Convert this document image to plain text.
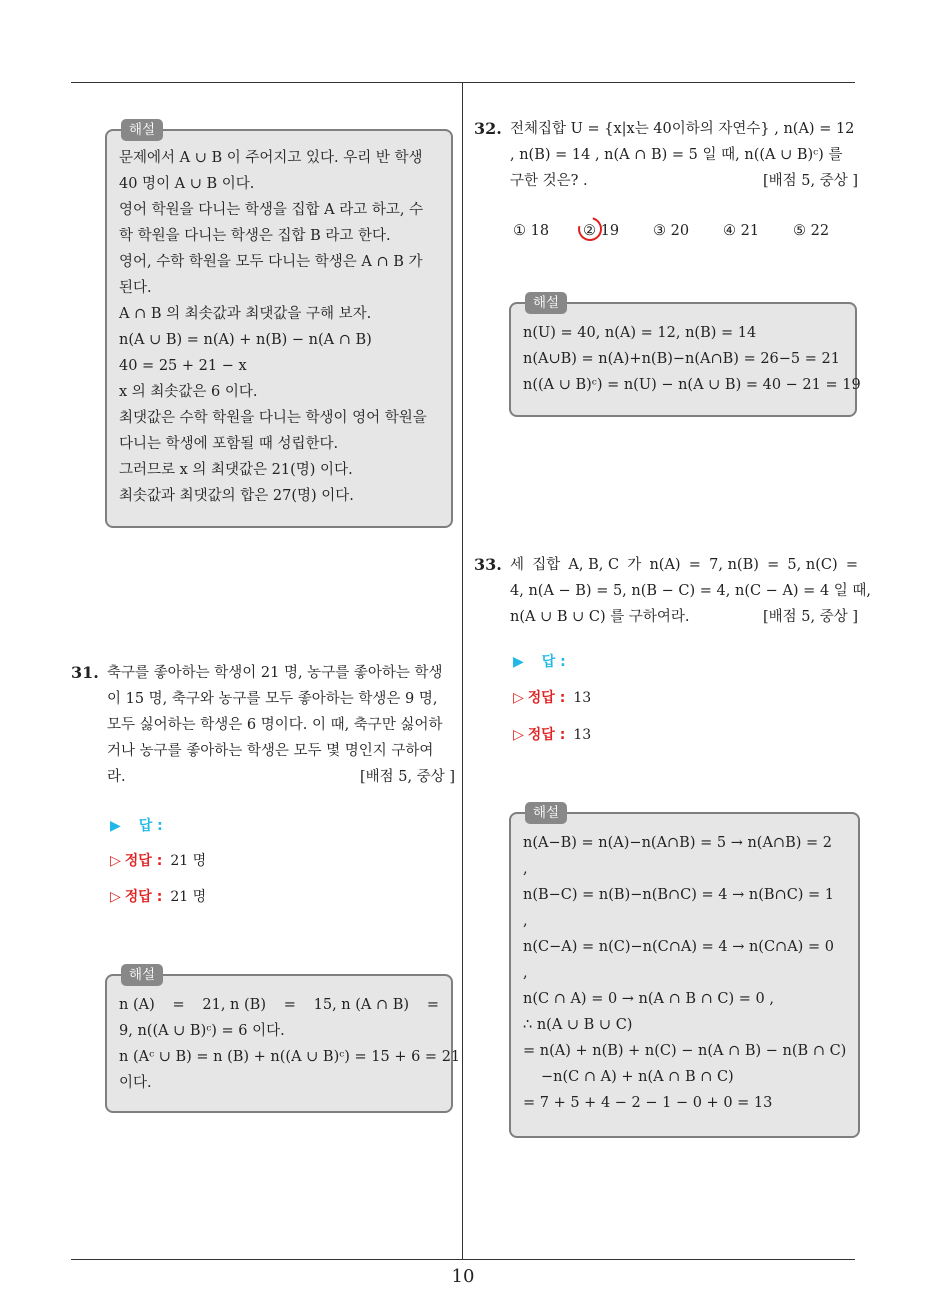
10
해설
문제에서 A ∪ B 이 주어지고 있다. 우리 반 학생
40 명이 A ∪ B 이다.
영어 학원을 다니는 학생을 집합 A 라고 하고, 수
학 학원을 다니는 학생은 집합 B 라고 한다.
영어, 수학 학원을 모두 다니는 학생은 A ∩ B 가
된다.
A ∩ B 의 최솟값과 최댓값을 구해 보자.
n(A ∪ B) = n(A) + n(B) − n(A ∩ B)
40 = 25 + 21 − x
x 의 최솟값은 6 이다.
최댓값은 수학 학원을 다니는 학생이 영어 학원을
다니는 학생에 포함될 때 성립한다.
그러므로 x 의 최댓값은 21(명) 이다.
최솟값과 최댓값의 합은 27(명) 이다.
31. 축구를 좋아하는 학생이 21 명, 농구를 좋아하는 학생
이 15 명, 축구와 농구를 모두 좋아하는 학생은 9 명,
모두 싫어하는 학생은 6 명이다. 이 때, 축구만 싫어하
거나 농구를 좋아하는 학생은 모두 몇 명인지 구하여
라.	[배점 5, 중상 ]
▶ 답 :
▷ 정답 : 21 명
▷ 정답 : 21 명
해설
n (A) = 21, n (B) = 15, n (A ∩ B) =
9, n((A ∪ B)ᶜ) = 6 이다.
n (Aᶜ ∪ B) = n (B) + n((A ∪ B)ᶜ) = 15 + 6 = 21
이다.
32. 전체집합 U = {x|x는 40이하의 자연수} , n(A) = 12
, n(B) = 14 , n(A ∩ B) = 5 일 때, n((A ∪ B)ᶜ) 를
구한 것은? .	[배점 5, 중상 ]
① 18 ② 19 ③ 20 ④ 21 ⑤ 22
해설
n(U) = 40, n(A) = 12, n(B) = 14
n(A∪B) = n(A)+n(B)−n(A∩B) = 26−5 = 21
n((A ∪ B)ᶜ) = n(U) − n(A ∪ B) = 40 − 21 = 19
33. 세 집합 A, B, C 가 n(A) = 7, n(B) = 5, n(C) =
4, n(A − B) = 5, n(B − C) = 4, n(C − A) = 4 일 때,
n(A ∪ B ∪ C) 를 구하여라.	[배점 5, 중상 ]
▶ 답 :
▷ 정답 : 13
▷ 정답 : 13
해설
n(A−B) = n(A)−n(A∩B) = 5 → n(A∩B) = 2
,
n(B−C) = n(B)−n(B∩C) = 4 → n(B∩C) = 1
,
n(C−A) = n(C)−n(C∩A) = 4 → n(C∩A) = 0
,
n(C ∩ A) = 0 → n(A ∩ B ∩ C) = 0 ,
∴ n(A ∪ B ∪ C)
= n(A) + n(B) + n(C) − n(A ∩ B) − n(B ∩ C)
−n(C ∩ A) + n(A ∩ B ∩ C)
= 7 + 5 + 4 − 2 − 1 − 0 + 0 = 13
